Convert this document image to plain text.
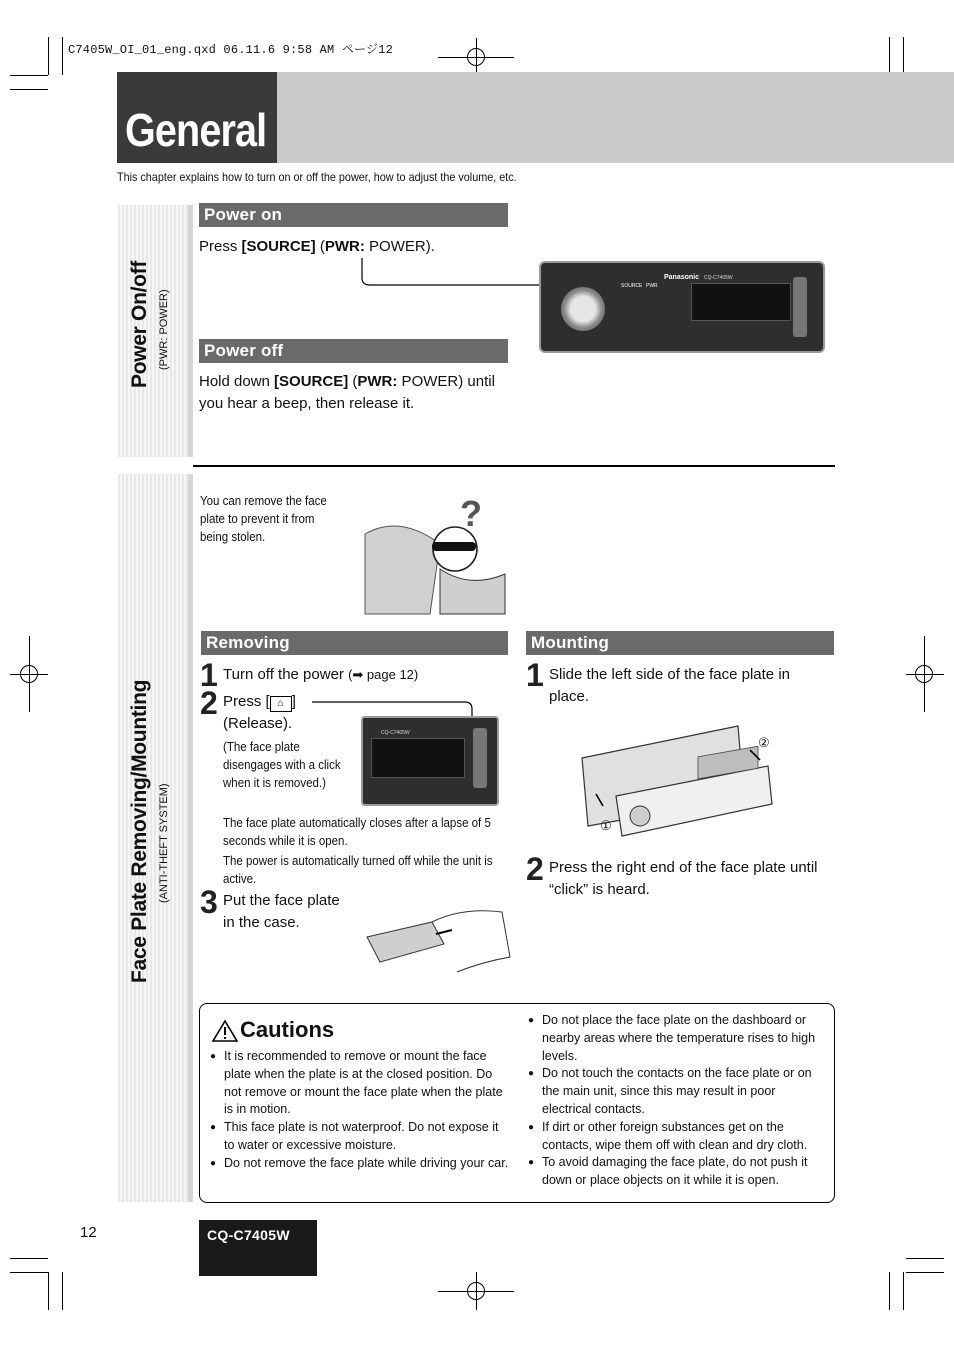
C7405W_OI_01_eng.qxd 06.11.6 9:58 AM ページ12
General
This chapter explains how to turn on or off the power, how to adjust the volume, etc.
Power On/off (PWR: POWER)
Power on
Press [SOURCE] (PWR: POWER).
Power off
Hold down [SOURCE] (PWR: POWER) until you hear a beep, then release it.
Panasonic CQ-C7405W
SOURCE PWR
Face Plate Removing/Mounting (ANTI-THEFT SYSTEM)
You can remove the face plate to prevent it from being stolen.
?
Removing
1 Turn off the power (➡ page 12)
2 Press [ ⌂ ]
(Release).
(The face plate disengages with a click when it is removed.)
CQ-C7405W
The face plate automatically closes after a lapse of 5 seconds while it is open.
The power is automatically turned off while the unit is active.
3 Put the face plate in the case.
Mounting
1 Slide the left side of the face plate in place.
②
①
2 Press the right end of the face plate until “click” is heard.
Cautions
● It is recommended to remove or mount the face plate when the plate is at the closed position. Do not remove or mount the face plate when the plate is in motion.
● This face plate is not waterproof. Do not expose it to water or excessive moisture.
● Do not remove the face plate while driving your car.
● Do not place the face plate on the dashboard or nearby areas where the temperature rises to high levels.
● Do not touch the contacts on the face plate or on the main unit, since this may result in poor electrical contacts.
● If dirt or other foreign substances get on the contacts, wipe them off with clean and dry cloth.
● To avoid damaging the face plate, do not push it down or place objects on it while it is open.
12	CQ-C7405W
